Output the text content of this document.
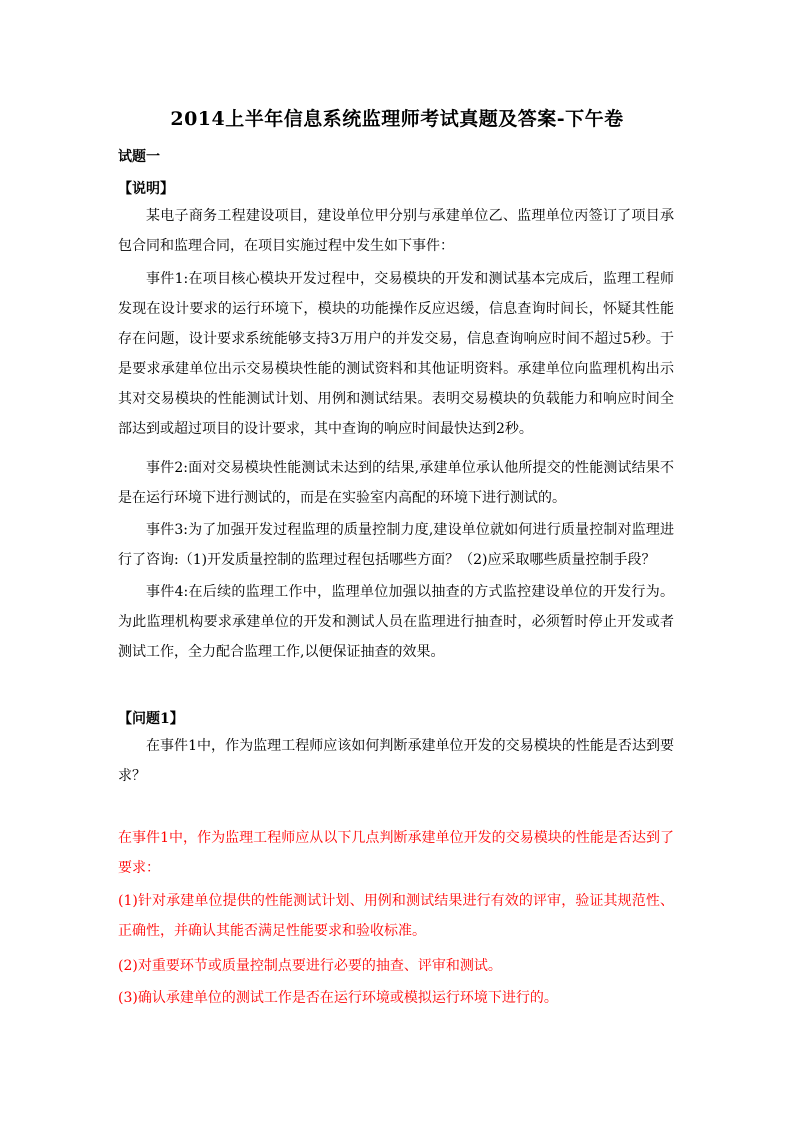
2014上半年信息系统监理师考试真题及答案-下午卷
试题一
【说明】

某电子商务工程建设项目，建设单位甲分别与承建单位乙、监理单位丙签订了项目承包合同和监理合同，在项目实施过程中发生如下事件：

事件1:在项目核心模块开发过程中，交易模块的开发和测试基本完成后，监理工程师发现在设计要求的运行环境下，模块的功能操作反应迟缓，信息查询时间长，怀疑其性能存在问题，设计要求系统能够支持3万用户的并发交易，信息查询响应时间不超过5秒。于是要求承建单位出示交易模块性能的测试资料和其他证明资料。承建单位向监理机构出示其对交易模块的性能测试计划、用例和测试结果。表明交易模块的负载能力和响应时间全部达到或超过项目的设计要求，其中查询的响应时间最快达到2秒。

事件2:面对交易模块性能测试未达到的结果,承建单位承认他所提交的性能测试结果不是在运行环境下进行测试的，而是在实验室内高配的环境下进行测试的。

事件3:为了加强开发过程监理的质量控制力度,建设单位就如何进行质量控制对监理进行了咨询:（1)开发质量控制的监理过程包括哪些方面？（2)应采取哪些质量控制手段？

事件4:在后续的监理工作中，监理单位加强以抽查的方式监控建设单位的开发行为。为此监理机构要求承建单位的开发和测试人员在监理进行抽查时，必须暂时停止开发或者测试工作，全力配合监理工作,以便保证抽查的效果。

【问题1】

在事件1中，作为监理工程师应该如何判断承建单位开发的交易模块的性能是否达到要求？

在事件1中，作为监理工程师应从以下几点判断承建单位开发的交易模块的性能是否达到了要求：

(1)针对承建单位提供的性能测试计划、用例和测试结果进行有效的评审，验证其规范性、正确性，并确认其能否满足性能要求和验收标准。

(2)对重要环节或质量控制点要进行必要的抽查、评审和测试。

(3)确认承建单位的测试工作是否在运行环境或模拟运行环境下进行的。
